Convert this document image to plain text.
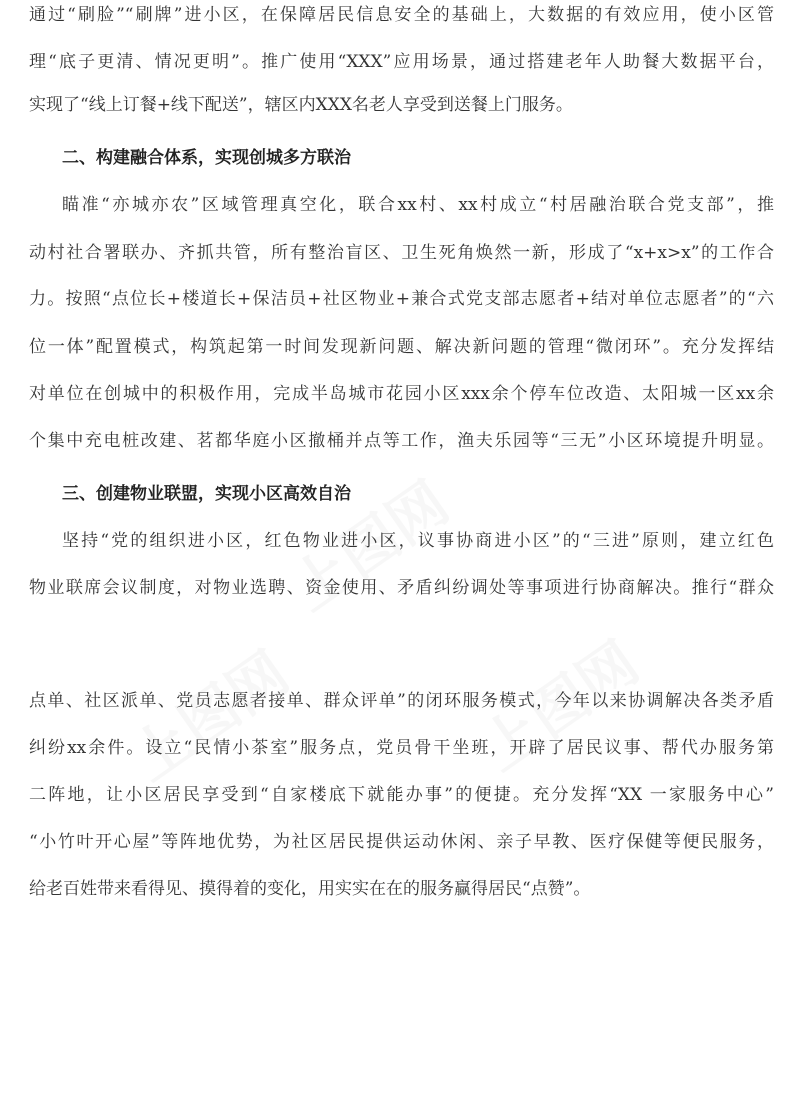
上图网
上图网	上图网
通过“刷脸”“刷牌”进小区，在保障居民信息安全的基础上，大数据的有效应用，使小区管
理“底子更清、情况更明”。推广使用“XXX”应用场景，通过搭建老年人助餐大数据平台，
实现了“线上订餐+线下配送”，辖区内XXX名老人享受到送餐上门服务。
二、构建融合体系，实现创城多方联治
瞄准“亦城亦农”区域管理真空化，联合xx村、xx村成立“村居融治联合党支部”，推
动村社合署联办、齐抓共管，所有整治盲区、卫生死角焕然一新，形成了“x+x>x”的工作合
力。按照“点位长+楼道长+保洁员+社区物业+兼合式党支部志愿者+结对单位志愿者”的“六
位一体”配置模式，构筑起第一时间发现新问题、解决新问题的管理“微闭环”。充分发挥结
对单位在创城中的积极作用，完成半岛城市花园小区xxx余个停车位改造、太阳城一区xx余
个集中充电桩改建、茗都华庭小区撤桶并点等工作，渔夫乐园等“三无”小区环境提升明显。
三、创建物业联盟，实现小区高效自治
坚持“党的组织进小区，红色物业进小区，议事协商进小区”的“三进”原则，建立红色
物业联席会议制度，对物业选聘、资金使用、矛盾纠纷调处等事项进行协商解决。推行“群众
点单、社区派单、党员志愿者接单、群众评单”的闭环服务模式，今年以来协调解决各类矛盾
纠纷xx余件。设立“民情小茶室”服务点，党员骨干坐班，开辟了居民议事、帮代办服务第
二阵地，让小区居民享受到“自家楼底下就能办事”的便捷。充分发挥“XX 一家服务中心”
“小竹叶开心屋”等阵地优势，为社区居民提供运动休闲、亲子早教、医疗保健等便民服务，
给老百姓带来看得见、摸得着的变化，用实实在在的服务赢得居民“点赞”。
